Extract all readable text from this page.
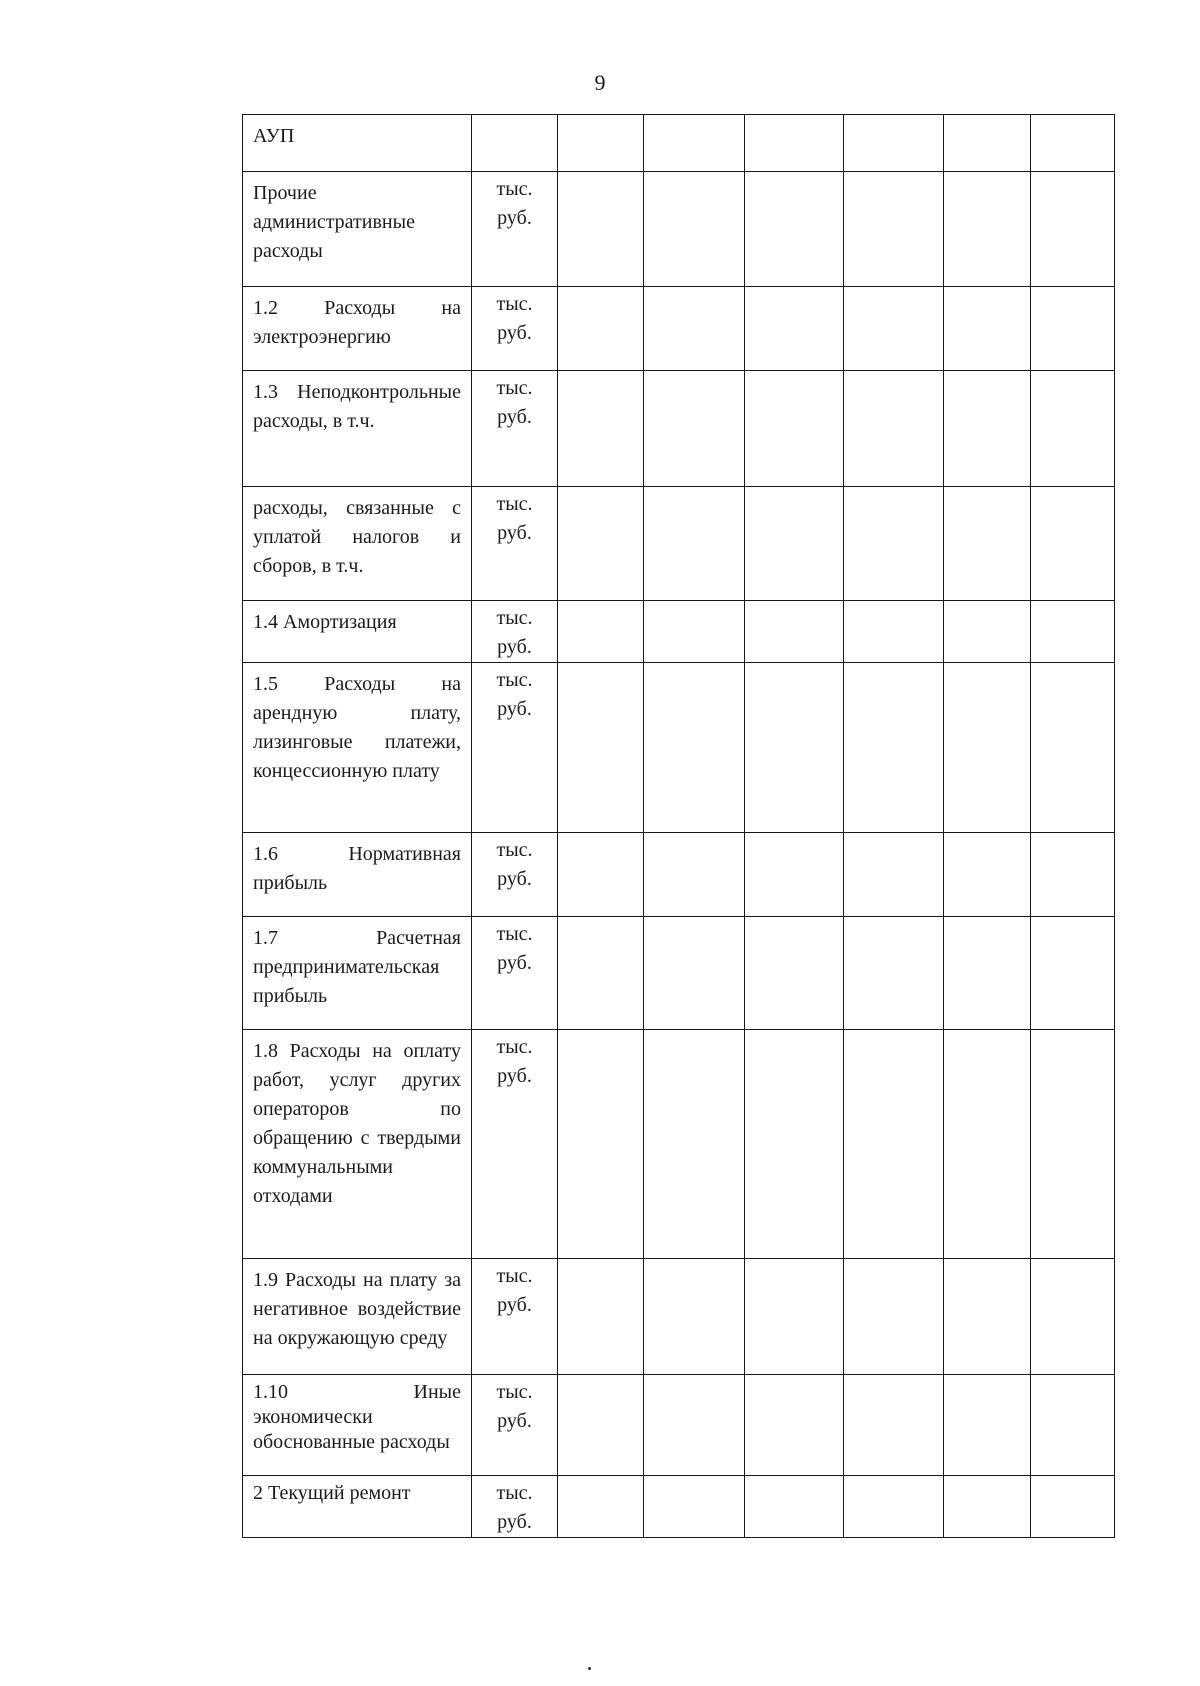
9
АУП	

Прочие административные расходы	тыс.
руб.						

1.2 Расходы на электроэнергию	тыс.
руб.						

1.3 Неподконтрольные расходы, в т.ч.	тыс.
руб.						

расходы, связанные с уплатой налогов и сборов, в т.ч.	тыс.
руб.						

1.4 Амортизация	тыс.
руб.						

1.5 Расходы на арендную плату, лизинговые платежи, концессионную плату	тыс.
руб.						

1.6 Нормативная прибыль	тыс.
руб.						

1.7 Расчетная предпринимательская прибыль	тыс.
руб.						

1.8 Расходы на оплату работ, услуг других операторов по обращению с твердыми коммунальными отходами	тыс.
руб.						

1.9 Расходы на плату за негативное воздействие на окружающую среду	тыс.
руб.						

1.10 Иные экономически обоснованные расходы	тыс.
руб.						

2 Текущий ремонт	тыс.
руб.						
